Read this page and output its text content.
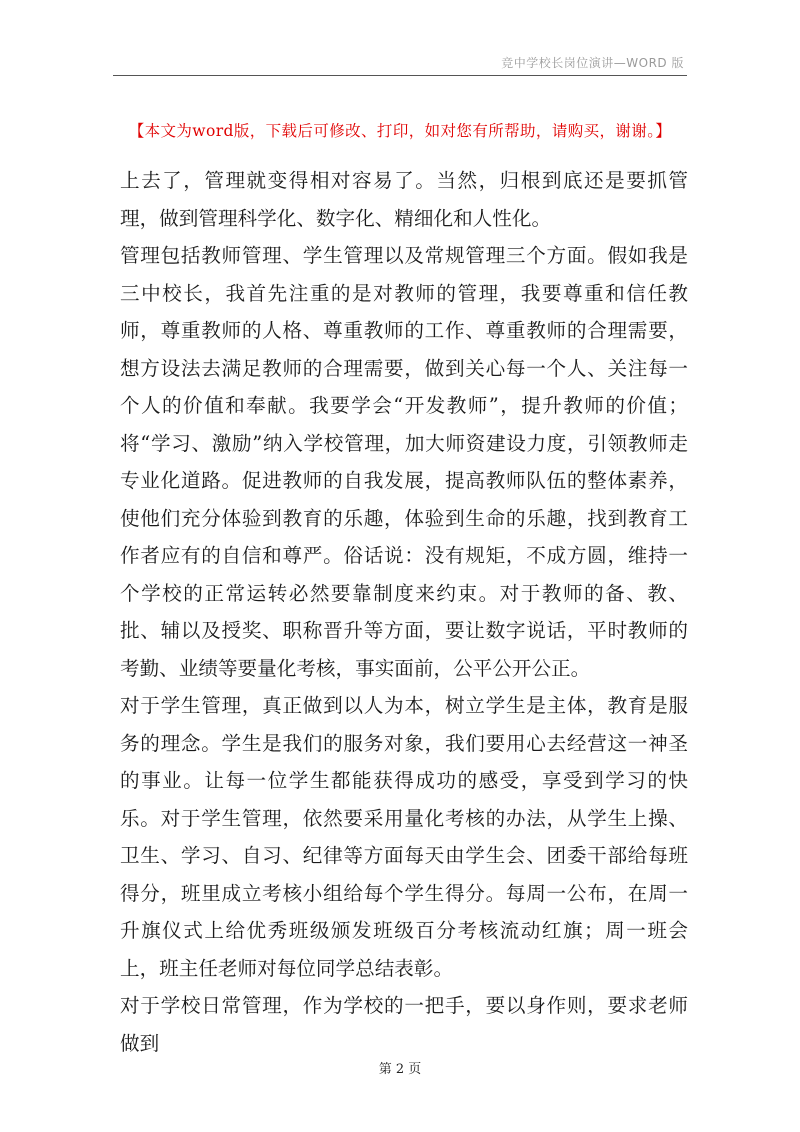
竞中学校长岗位演讲—WORD 版
【本文为word版，下载后可修改、打印，如对您有所帮助，请购买，谢谢。】

上去了，管理就变得相对容易了。当然，归根到底还是要抓管理，做到管理科学化、数字化、精细化和人性化。

管理包括教师管理、学生管理以及常规管理三个方面。假如我是三中校长，我首先注重的是对教师的管理，我要尊重和信任教师，尊重教师的人格、尊重教师的工作、尊重教师的合理需要，想方设法去满足教师的合理需要，做到关心每一个人、关注每一个人的价值和奉献。我要学会“开发教师”，提升教师的价值；将“学习、激励”纳入学校管理，加大师资建设力度，引领教师走专业化道路。促进教师的自我发展，提高教师队伍的整体素养，使他们充分体验到教育的乐趣，体验到生命的乐趣，找到教育工作者应有的自信和尊严。俗话说：没有规矩，不成方圆，维持一个学校的正常运转必然要靠制度来约束。对于教师的备、教、批、辅以及授奖、职称晋升等方面，要让数字说话，平时教师的考勤、业绩等要量化考核，事实面前，公平公开公正。

对于学生管理，真正做到以人为本，树立学生是主体，教育是服务的理念。学生是我们的服务对象，我们要用心去经营这一神圣的事业。让每一位学生都能获得成功的感受，享受到学习的快乐。对于学生管理，依然要采用量化考核的办法，从学生上操、卫生、学习、自习、纪律等方面每天由学生会、团委干部给每班得分，班里成立考核小组给每个学生得分。每周一公布，在周一升旗仪式上给优秀班级颁发班级百分考核流动红旗；周一班会上，班主任老师对每位同学总结表彰。

对于学校日常管理，作为学校的一把手，要以身作则，要求老师做到

第 2 页
